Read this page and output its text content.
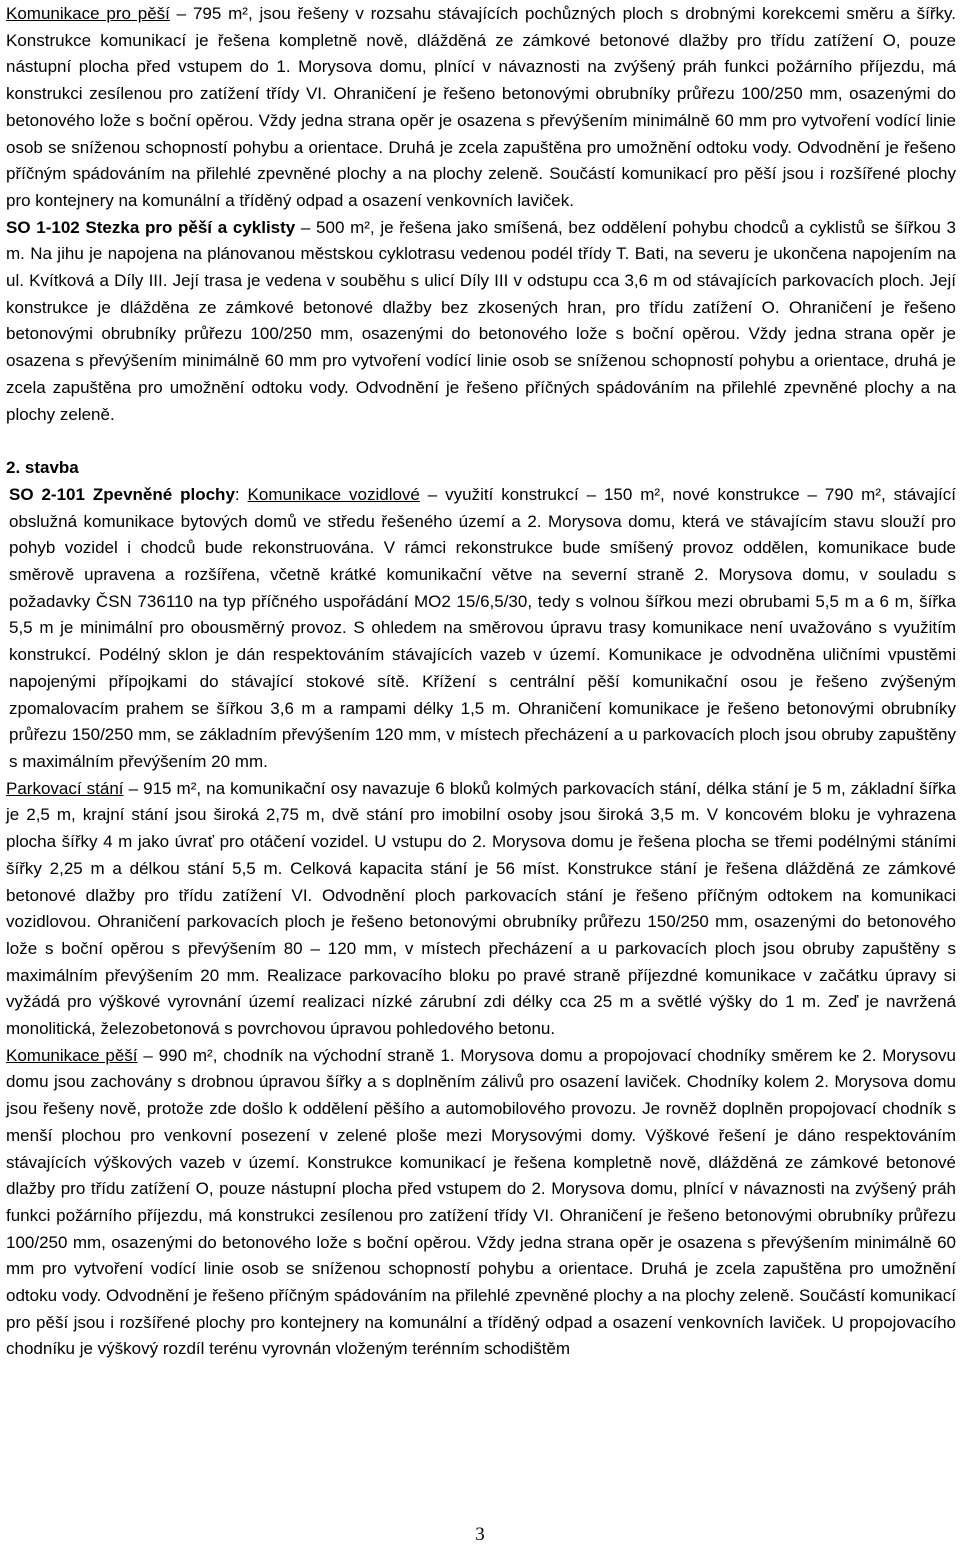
Komunikace pro pěší – 795 m², jsou řešeny v rozsahu stávajících pochůzných ploch s drobnými korekcemi směru a šířky. Konstrukce komunikací je řešena kompletně nově, dlážděná ze zámkové betonové dlažby pro třídu zatížení O, pouze nástupní plocha před vstupem do 1. Morysova domu, plnící v návaznosti na zvýšený práh funkci požárního příjezdu, má konstrukci zesílenou pro zatížení třídy VI. Ohraničení je řešeno betonovými obrubníky průřezu 100/250 mm, osazenými do betonového lože s boční opěrou. Vždy jedna strana opěr je osazena s převýšením minimálně 60 mm pro vytvoření vodící linie osob se sníženou schopností pohybu a orientace. Druhá je zcela zapuštěna pro umožnění odtoku vody. Odvodnění je řešeno příčným spádováním na přilehlé zpevněné plochy a na plochy zeleně. Součástí komunikací pro pěší jsou i rozšířené plochy pro kontejnery na komunální a tříděný odpad a osazení venkovních laviček.

SO 1-102 Stezka pro pěší a cyklisty – 500 m², je řešena jako smíšená, bez oddělení pohybu chodců a cyklistů se šířkou 3 m. Na jihu je napojena na plánovanou městskou cyklotrasu vedenou podél třídy T. Bati, na severu je ukončena napojením na ul. Kvítková a Díly III. Její trasa je vedena v souběhu s ulicí Díly III v odstupu cca 3,6 m od stávajících parkovacích ploch. Její konstrukce je dlážděna ze zámkové betonové dlažby bez zkosených hran, pro třídu zatížení O. Ohraničení je řešeno betonovými obrubníky průřezu 100/250 mm, osazenými do betonového lože s boční opěrou. Vždy jedna strana opěr je osazena s převýšením minimálně 60 mm pro vytvoření vodící linie osob se sníženou schopností pohybu a orientace, druhá je zcela zapuštěna pro umožnění odtoku vody. Odvodnění je řešeno příčných spádováním na přilehlé zpevněné plochy a na plochy zeleně.

2. stavba

SO 2-101 Zpevněné plochy: Komunikace vozidlové – využití konstrukcí – 150 m², nové konstrukce – 790 m², stávající obslužná komunikace bytových domů ve středu řešeného území a 2. Morysova domu, která ve stávajícím stavu slouží pro pohyb vozidel i chodců bude rekonstruována. V rámci rekonstrukce bude smíšený provoz oddělen, komunikace bude směrově upravena a rozšířena, včetně krátké komunikační větve na severní straně 2. Morysova domu, v souladu s požadavky ČSN 736110 na typ příčného uspořádání MO2 15/6,5/30, tedy s volnou šířkou mezi obrubami 5,5 m a 6 m, šířka 5,5 m je minimální pro obousměrný provoz. S ohledem na směrovou úpravu trasy komunikace není uvažováno s využitím konstrukcí. Podélný sklon je dán respektováním stávajících vazeb v území. Komunikace je odvodněna uličními vpustěmi napojenými přípojkami do stávající stokové sítě. Křížení s centrální pěší komunikační osou je řešeno zvýšeným zpomalovacím prahem se šířkou 3,6 m a rampami délky 1,5 m. Ohraničení komunikace je řešeno betonovými obrubníky průřezu 150/250 mm, se základním převýšením 120 mm, v místech přecházení a u parkovacích ploch jsou obruby zapuštěny s maximálním převýšením 20 mm.

Parkovací stání – 915 m², na komunikační osy navazuje 6 bloků kolmých parkovacích stání, délka stání je 5 m, základní šířka je 2,5 m, krajní stání jsou široká 2,75 m, dvě stání pro imobilní osoby jsou široká 3,5 m. V koncovém bloku je vyhrazena plocha šířky 4 m jako úvrať pro otáčení vozidel. U vstupu do 2. Morysova domu je řešena plocha se třemi podélnými stáními šířky 2,25 m a délkou stání 5,5 m. Celková kapacita stání je 56 míst. Konstrukce stání je řešena dlážděná ze zámkové betonové dlažby pro třídu zatížení VI. Odvodnění ploch parkovacích stání je řešeno příčným odtokem na komunikaci vozidlovou. Ohraničení parkovacích ploch je řešeno betonovými obrubníky průřezu 150/250 mm, osazenými do betonového lože s boční opěrou s převýšením 80 – 120 mm, v místech přecházení a u parkovacích ploch jsou obruby zapuštěny s maximálním převýšením 20 mm. Realizace parkovacího bloku po pravé straně příjezdné komunikace v začátku úpravy si vyžádá pro výškové vyrovnání území realizaci nízké zárubní zdi délky cca 25 m a světlé výšky do 1 m. Zeď je navržená monolitická, železobetonová s povrchovou úpravou pohledového betonu.

Komunikace pěší – 990 m², chodník na východní straně 1. Morysova domu a propojovací chodníky směrem ke 2. Morysovu domu jsou zachovány s drobnou úpravou šířky a s doplněním zálivů pro osazení laviček. Chodníky kolem 2. Morysova domu jsou řešeny nově, protože zde došlo k oddělení pěšího a automobilového provozu. Je rovněž doplněn propojovací chodník s menší plochou pro venkovní posezení v zelené ploše mezi Morysovými domy. Výškové řešení je dáno respektováním stávajících výškových vazeb v území. Konstrukce komunikací je řešena kompletně nově, dlážděná ze zámkové betonové dlažby pro třídu zatížení O, pouze nástupní plocha před vstupem do 2. Morysova domu, plnící v návaznosti na zvýšený práh funkci požárního příjezdu, má konstrukci zesílenou pro zatížení třídy VI. Ohraničení je řešeno betonovými obrubníky průřezu 100/250 mm, osazenými do betonového lože s boční opěrou. Vždy jedna strana opěr je osazena s převýšením minimálně 60 mm pro vytvoření vodící linie osob se sníženou schopností pohybu a orientace. Druhá je zcela zapuštěna pro umožnění odtoku vody. Odvodnění je řešeno příčným spádováním na přilehlé zpevněné plochy a na plochy zeleně. Součástí komunikací pro pěší jsou i rozšířené plochy pro kontejnery na komunální a tříděný odpad a osazení venkovních laviček. U propojovacího chodníku je výškový rozdíl terénu vyrovnán vloženým terénním schodištěm

3
